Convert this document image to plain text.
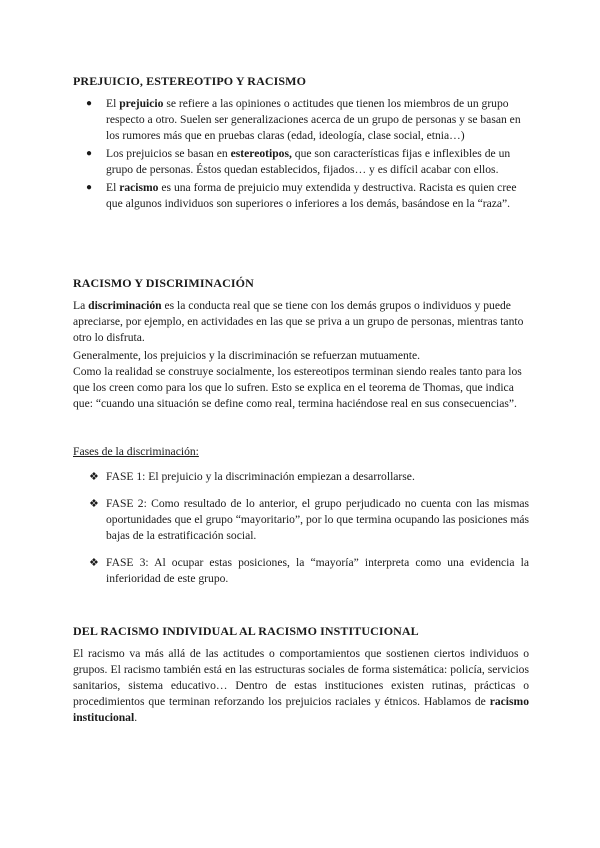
PREJUICIO, ESTEREOTIPO Y RACISMO
● El prejuicio se refiere a las opiniones o actitudes que tienen los miembros de un grupo respecto a otro. Suelen ser generalizaciones acerca de un grupo de personas y se basan en los rumores más que en pruebas claras (edad, ideología, clase social, etnia…)
● Los prejuicios se basan en estereotipos, que son características fijas e inflexibles de un grupo de personas. Éstos quedan establecidos, fijados… y es difícil acabar con ellos.
● El racismo es una forma de prejuicio muy extendida y destructiva. Racista es quien cree que algunos individuos son superiores o inferiores a los demás, basándose en la “raza”.
RACISMO Y DISCRIMINACIÓN

La discriminación es la conducta real que se tiene con los demás grupos o individuos y puede apreciarse, por ejemplo, en actividades en las que se priva a un grupo de personas, mientras tanto otro lo disfruta.

Generalmente, los prejuicios y la discriminación se refuerzan mutuamente.

Como la realidad se construye socialmente, los estereotipos terminan siendo reales tanto para los que los creen como para los que lo sufren. Esto se explica en el teorema de Thomas, que indica que: “cuando una situación se define como real, termina haciéndose real en sus consecuencias”.

Fases de la discriminación:
❖ FASE 1: El prejuicio y la discriminación empiezan a desarrollarse.
❖ FASE 2: Como resultado de lo anterior, el grupo perjudicado no cuenta con las mismas oportunidades que el grupo “mayoritario”, por lo que termina ocupando las posiciones más bajas de la estratificación social.
❖ FASE 3: Al ocupar estas posiciones, la “mayoría” interpreta como una evidencia la inferioridad de este grupo.
DEL RACISMO INDIVIDUAL AL RACISMO INSTITUCIONAL

El racismo va más allá de las actitudes o comportamientos que sostienen ciertos individuos o grupos. El racismo también está en las estructuras sociales de forma sistemática: policía, servicios sanitarios, sistema educativo… Dentro de estas instituciones existen rutinas, prácticas o procedimientos que terminan reforzando los prejuicios raciales y étnicos. Hablamos de racismo institucional.
